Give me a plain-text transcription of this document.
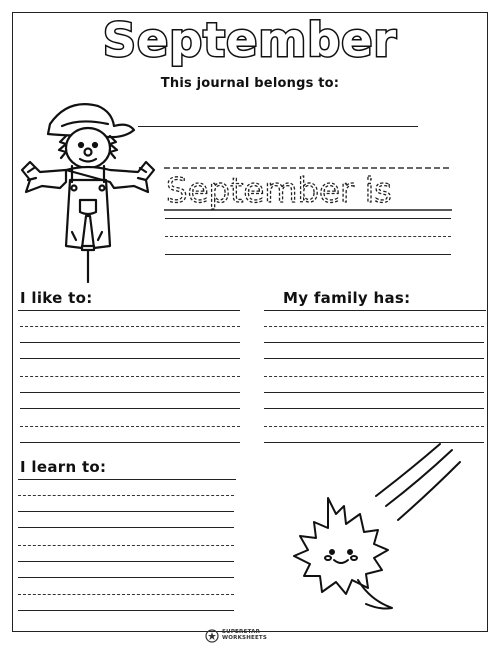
September
This journal belongs to:
September is
I like to:	My family has:
I learn to:
SUPERSTAR
WORKSHEETS
